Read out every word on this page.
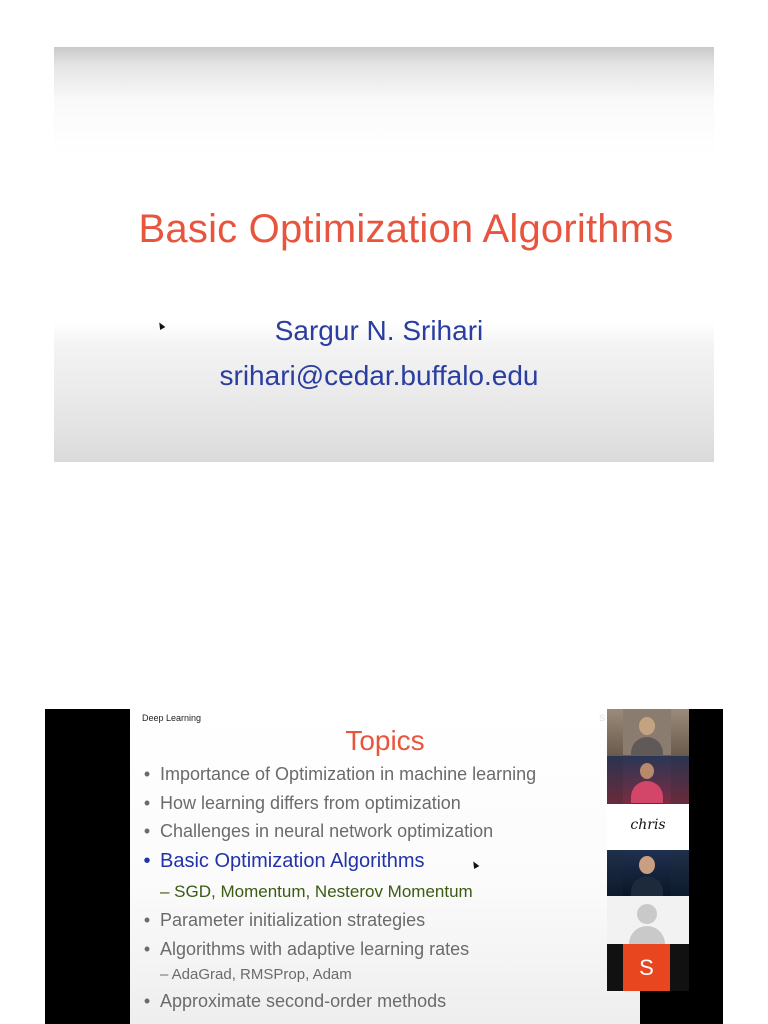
Basic Optimization Algorithms
Sargur N. Srihari
srihari@cedar.buffalo.edu
Deep Learning
Topics
• Importance of Optimization in machine learning
• How learning differs from optimization
• Challenges in neural network optimization
• Basic Optimization Algorithms
– SGD, Momentum, Nesterov Momentum
• Parameter initialization strategies
• Algorithms with adaptive learning rates
– AdaGrad, RMSProp, Adam
• Approximate second-order methods
S
chris
S
